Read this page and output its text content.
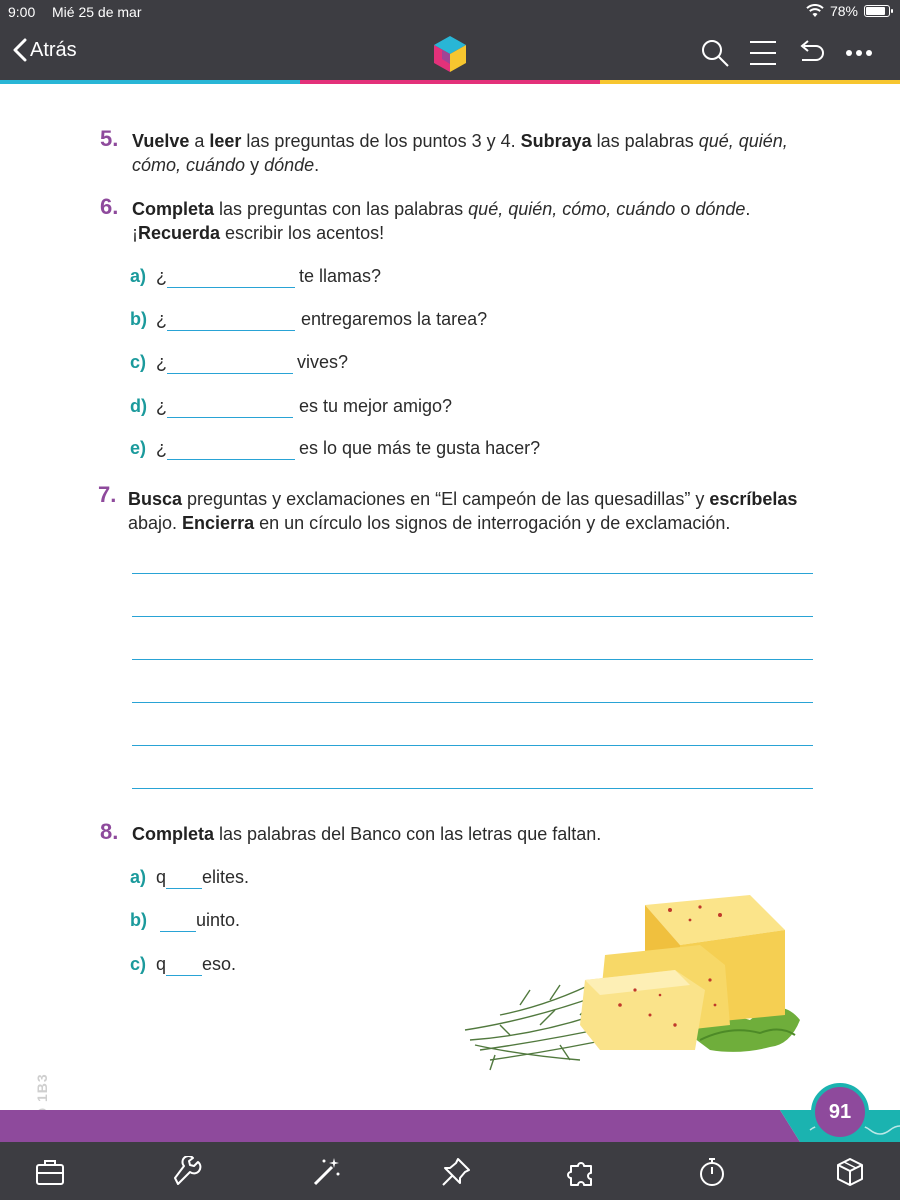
9:00 Mié 25 de mar	78%
Atrás
5. Vuelve a leer las preguntas de los puntos 3 y 4. Subraya las palabras qué, quién,
cómo, cuándo y dónde.
6. Completa las preguntas con las palabras qué, quién, cómo, cuándo o dónde.
¡Recuerda escribir los acentos!
a) ¿	te llamas?
b) ¿	entregaremos la tarea?
c) ¿	vives?
d) ¿	es tu mejor amigo?
e) ¿	es lo que más te gusta hacer?
7. Busca preguntas y exclamaciones en “El campeón de las quesadillas” y escríbelas
abajo. Encierra en un círculo los signos de interrogación y de exclamación.
8. Completa las palabras del Banco con las letras que faltan.
a) q elites.
b)	uinto.
c) q eso.
91
